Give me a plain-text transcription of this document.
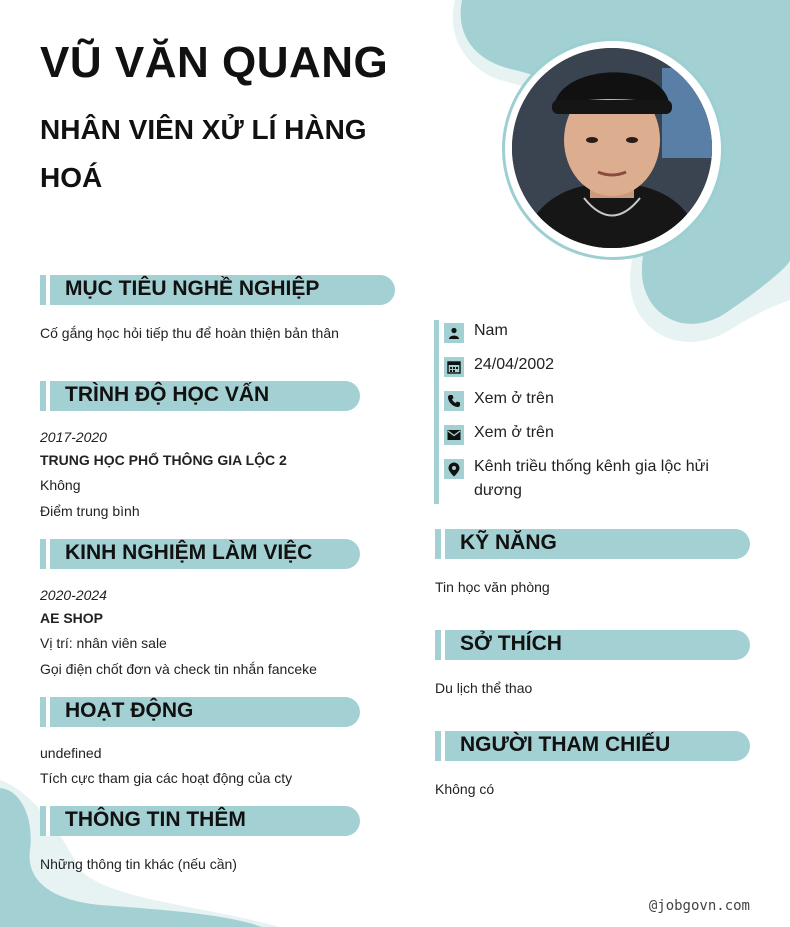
VŨ VĂN QUANG
NHÂN VIÊN XỬ LÍ HÀNG HOÁ
MỤC TIÊU NGHỀ NGHIỆP
Cố gắng học hỏi tiếp thu để hoàn thiện bản thân
TRÌNH ĐỘ HỌC VẤN
2017-2020
TRUNG HỌC PHỔ THÔNG GIA LỘC 2
Không
Điểm trung bình
KINH NGHIỆM LÀM VIỆC
2020-2024
AE SHOP
Vị trí: nhân viên sale
Gọi điện chốt đơn và check tin nhắn fanceke
HOẠT ĐỘNG
undefined
Tích cực tham gia các hoạt động của cty
THÔNG TIN THÊM
Những thông tin khác (nếu cần)
Nam
24/04/2002
Xem ở trên
Xem ở trên
Kênh triều thống kênh gia lộc hửi dương
KỸ NĂNG
Tin học văn phòng
SỞ THÍCH
Du lịch thể thao
NGƯỜI THAM CHIẾU
Không có
@jobgovn.com
